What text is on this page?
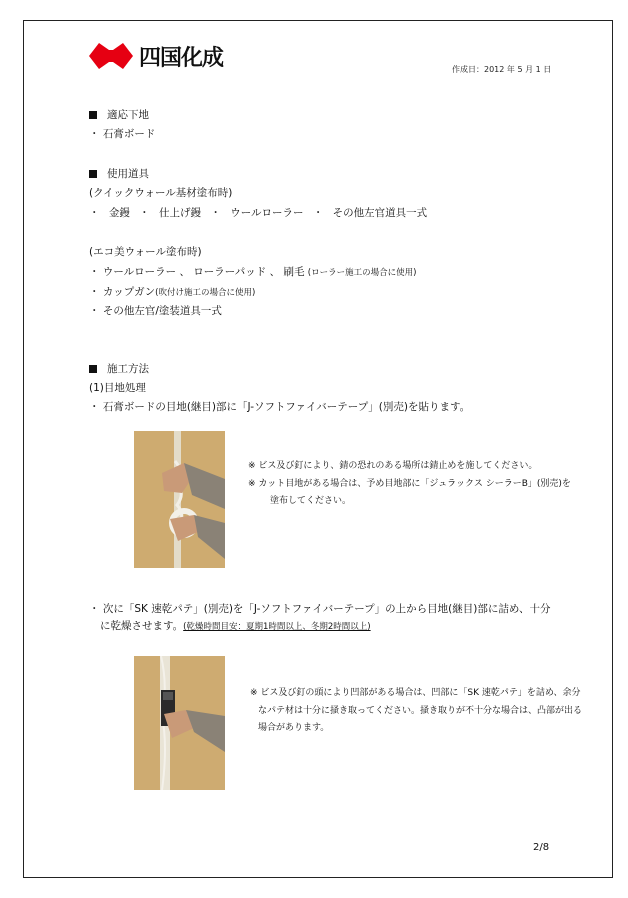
四国化成	作成日：2012 年 5 月 1 日
適応下地
・ 石膏ボード
使用道具
(クイックウォール基材塗布時)
・ 金鏝 ・ 仕上げ鏝 ・ ウールローラー ・ その他左官道具一式
(エコ美ウォール塗布時)
・ ウールローラー 、 ローラーパッド 、 刷毛 (ローラー施工の場合に使用)
・ カップガン(吹付け施工の場合に使用)
・ その他左官/塗装道具一式
施工方法
(1)目地処理
・ 石膏ボードの目地(継目)部に「J-ソフトファイバーテープ」(別売)を貼ります。
※ ビス及び釘により、錆の恐れのある場所は錆止めを施してください。
※ カット目地がある場合は、予め目地部に「ジュラックス シーラーB」(別売)を
塗布してください。
・ 次に「SK 速乾パテ」(別売)を「J-ソフトファイバーテープ」の上から目地(継目)部に詰め、十分
に乾燥させます。(乾燥時間目安：夏期1時間以上、冬期2時間以上)
※ ビス及び釘の頭により凹部がある場合は、凹部に「SK 速乾パテ」を詰め、余分
なパテ材は十分に掻き取ってください。掻き取りが不十分な場合は、凸部が出る
場合があります。
2/8
